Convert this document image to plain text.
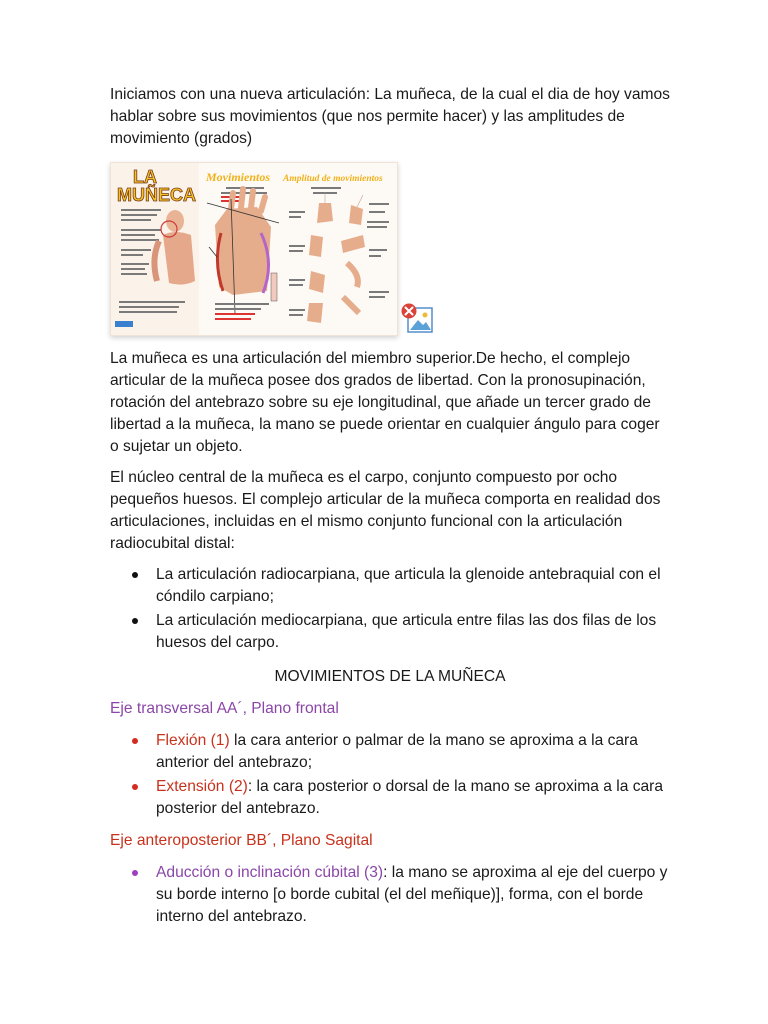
Iniciamos con una nueva articulación: La muñeca, de la cual el dia de hoy vamos hablar sobre sus movimientos (que nos permite hacer) y las amplitudes de movimiento (grados)

LA
MUÑECA
Movimientos Amplitud de movimientos

La muñeca es una articulación del miembro superior.De hecho, el complejo articular de la muñeca posee dos grados de libertad. Con la pronosupinación, rotación del antebrazo sobre su eje longitudinal, que añade un tercer grado de libertad a la muñeca, la mano se puede orientar en cualquier ángulo para coger o sujetar un objeto.

El núcleo central de la muñeca es el carpo, conjunto compuesto por ocho pequeños huesos. El complejo articular de la muñeca comporta en realidad dos articulaciones, incluidas en el mismo conjunto funcional con la articulación radiocubital distal:

La articulación radiocarpiana, que articula la glenoide antebraquial con el cóndilo carpiano;
La articulación mediocarpiana, que articula entre filas las dos filas de los huesos del carpo.
MOVIMIENTOS DE LA MUÑECA
Eje transversal AA´, Plano frontal
Flexión (1) la cara anterior o palmar de la mano se aproxima a la cara anterior del antebrazo;
Extensión (2): la cara posterior o dorsal de la mano se aproxima a la cara posterior del antebrazo.
Eje anteroposterior BB´, Plano Sagital
Aducción o inclinación cúbital (3): la mano se aproxima al eje del cuerpo y su borde interno [o borde cubital (el del meñique)], forma, con el borde interno del antebrazo.
